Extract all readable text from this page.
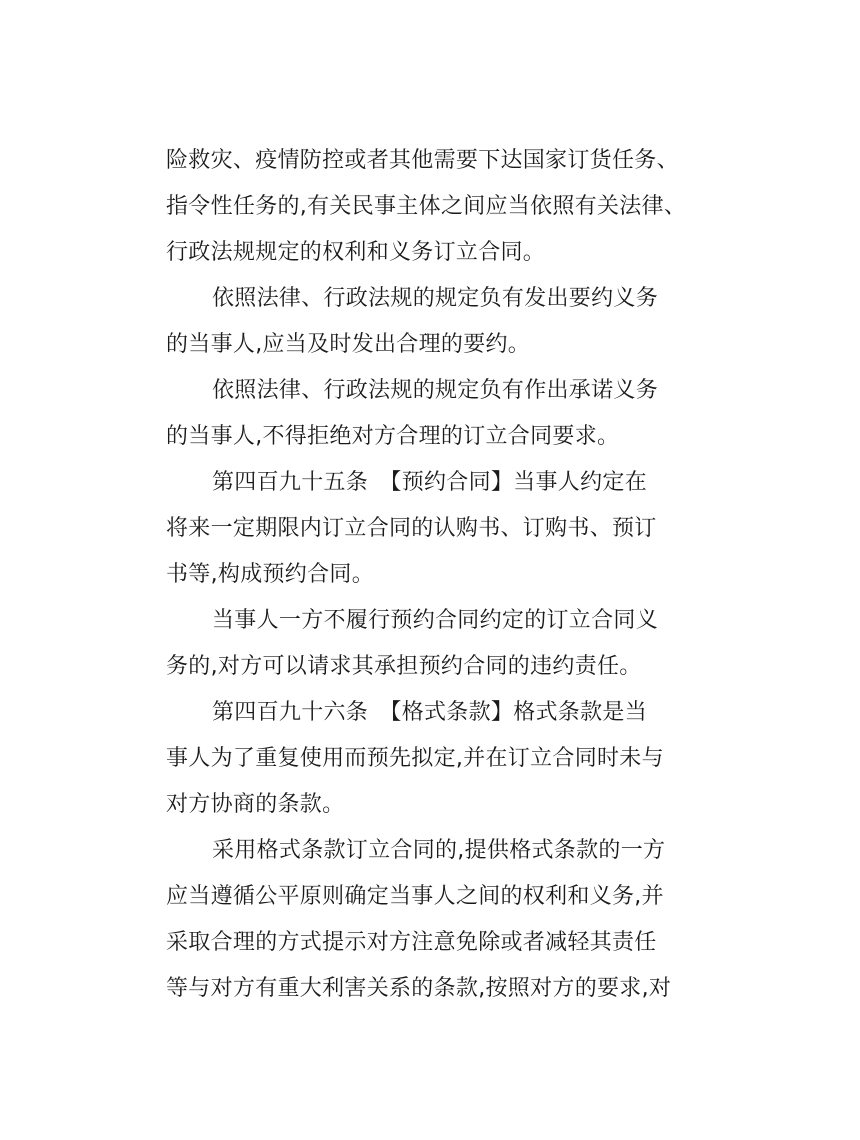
险救灾、疫情防控或者其他需要下达国家订货任务、
指令性任务的,有关民事主体之间应当依照有关法律、
行政法规规定的权利和义务订立合同。
依照法律、行政法规的规定负有发出要约义务
的当事人,应当及时发出合理的要约。
依照法律、行政法规的规定负有作出承诺义务
的当事人,不得拒绝对方合理的订立合同要求。
第四百九十五条　【预约合同】当事人约定在
将来一定期限内订立合同的认购书、订购书、预订
书等,构成预约合同。
当事人一方不履行预约合同约定的订立合同义
务的,对方可以请求其承担预约合同的违约责任。
第四百九十六条　【格式条款】格式条款是当
事人为了重复使用而预先拟定,并在订立合同时未与
对方协商的条款。
采用格式条款订立合同的,提供格式条款的一方
应当遵循公平原则确定当事人之间的权利和义务,并
采取合理的方式提示对方注意免除或者减轻其责任
等与对方有重大利害关系的条款,按照对方的要求,对
